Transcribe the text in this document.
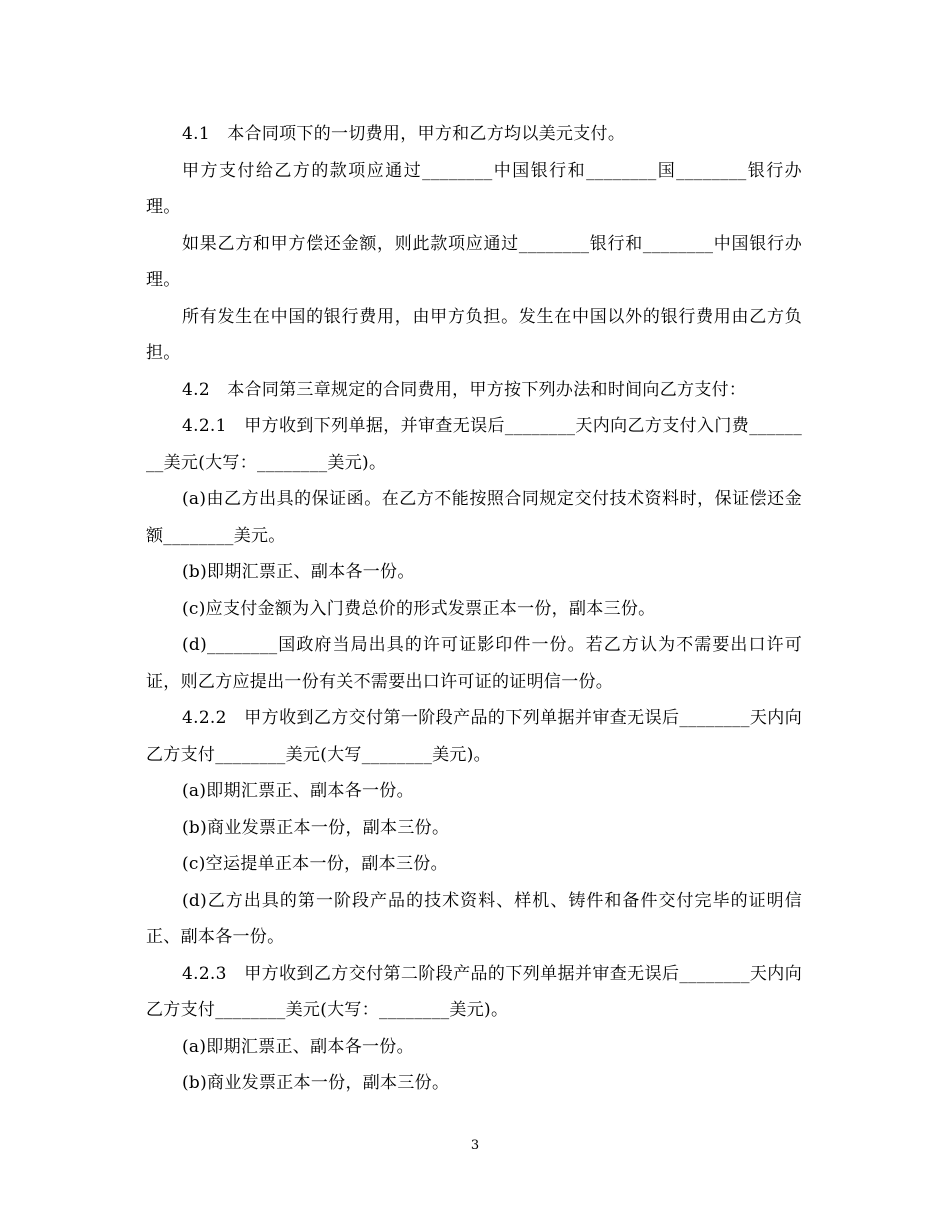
4.1　本合同项下的一切费用，甲方和乙方均以美元支付。

甲方支付给乙方的款项应通过________中国银行和________国________银行办理。

如果乙方和甲方偿还金额，则此款项应通过________银行和________中国银行办理。

所有发生在中国的银行费用，由甲方负担。发生在中国以外的银行费用由乙方负担。

4.2　本合同第三章规定的合同费用，甲方按下列办法和时间向乙方支付：

4.2.1　甲方收到下列单据，并审查无误后________天内向乙方支付入门费________美元(大写：________美元)。

(a)由乙方出具的保证函。在乙方不能按照合同规定交付技术资料时，保证偿还金额________美元。

(b)即期汇票正、副本各一份。

(c)应支付金额为入门费总价的形式发票正本一份，副本三份。

(d)________国政府当局出具的许可证影印件一份。若乙方认为不需要出口许可证，则乙方应提出一份有关不需要出口许可证的证明信一份。

4.2.2　甲方收到乙方交付第一阶段产品的下列单据并审查无误后________天内向乙方支付________美元(大写________美元)。

(a)即期汇票正、副本各一份。

(b)商业发票正本一份，副本三份。

(c)空运提单正本一份，副本三份。

(d)乙方出具的第一阶段产品的技术资料、样机、铸件和备件交付完毕的证明信正、副本各一份。

4.2.3　甲方收到乙方交付第二阶段产品的下列单据并审查无误后________天内向乙方支付________美元(大写：________美元)。

(a)即期汇票正、副本各一份。

(b)商业发票正本一份，副本三份。

3
